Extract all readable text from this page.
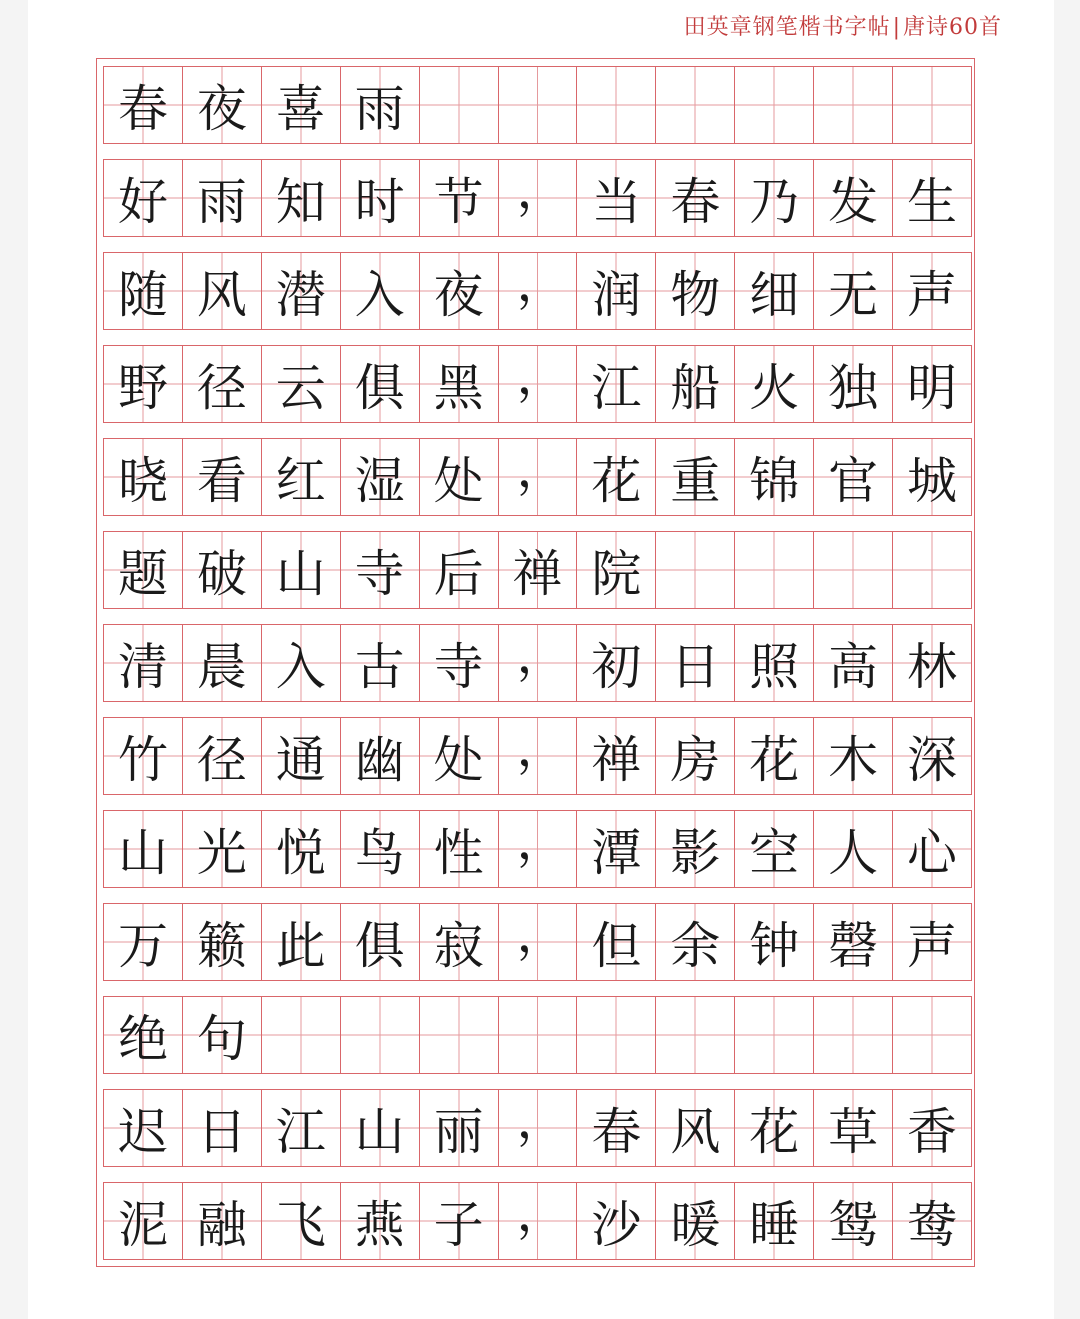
田英章钢笔楷书字帖|唐诗60首
春 夜 喜 雨
好 雨 知 时 节 ， 当 春 乃 发 生
随 风 潜 入 夜 ， 润 物 细 无 声
野 径 云 俱 黑 ， 江 船 火 独 明
晓 看 红 湿 处 ， 花 重 锦 官 城
题 破 山 寺 后 禅 院
清 晨 入 古 寺 ， 初 日 照 高 林
竹 径 通 幽 处 ， 禅 房 花 木 深
山 光 悦 鸟 性 ， 潭 影 空 人 心
万 籁 此 俱 寂 ， 但 余 钟 磬 声
绝 句
迟 日 江 山 丽 ， 春 风 花 草 香
泥 融 飞 燕 子 ， 沙 暖 睡 鸳 鸯
